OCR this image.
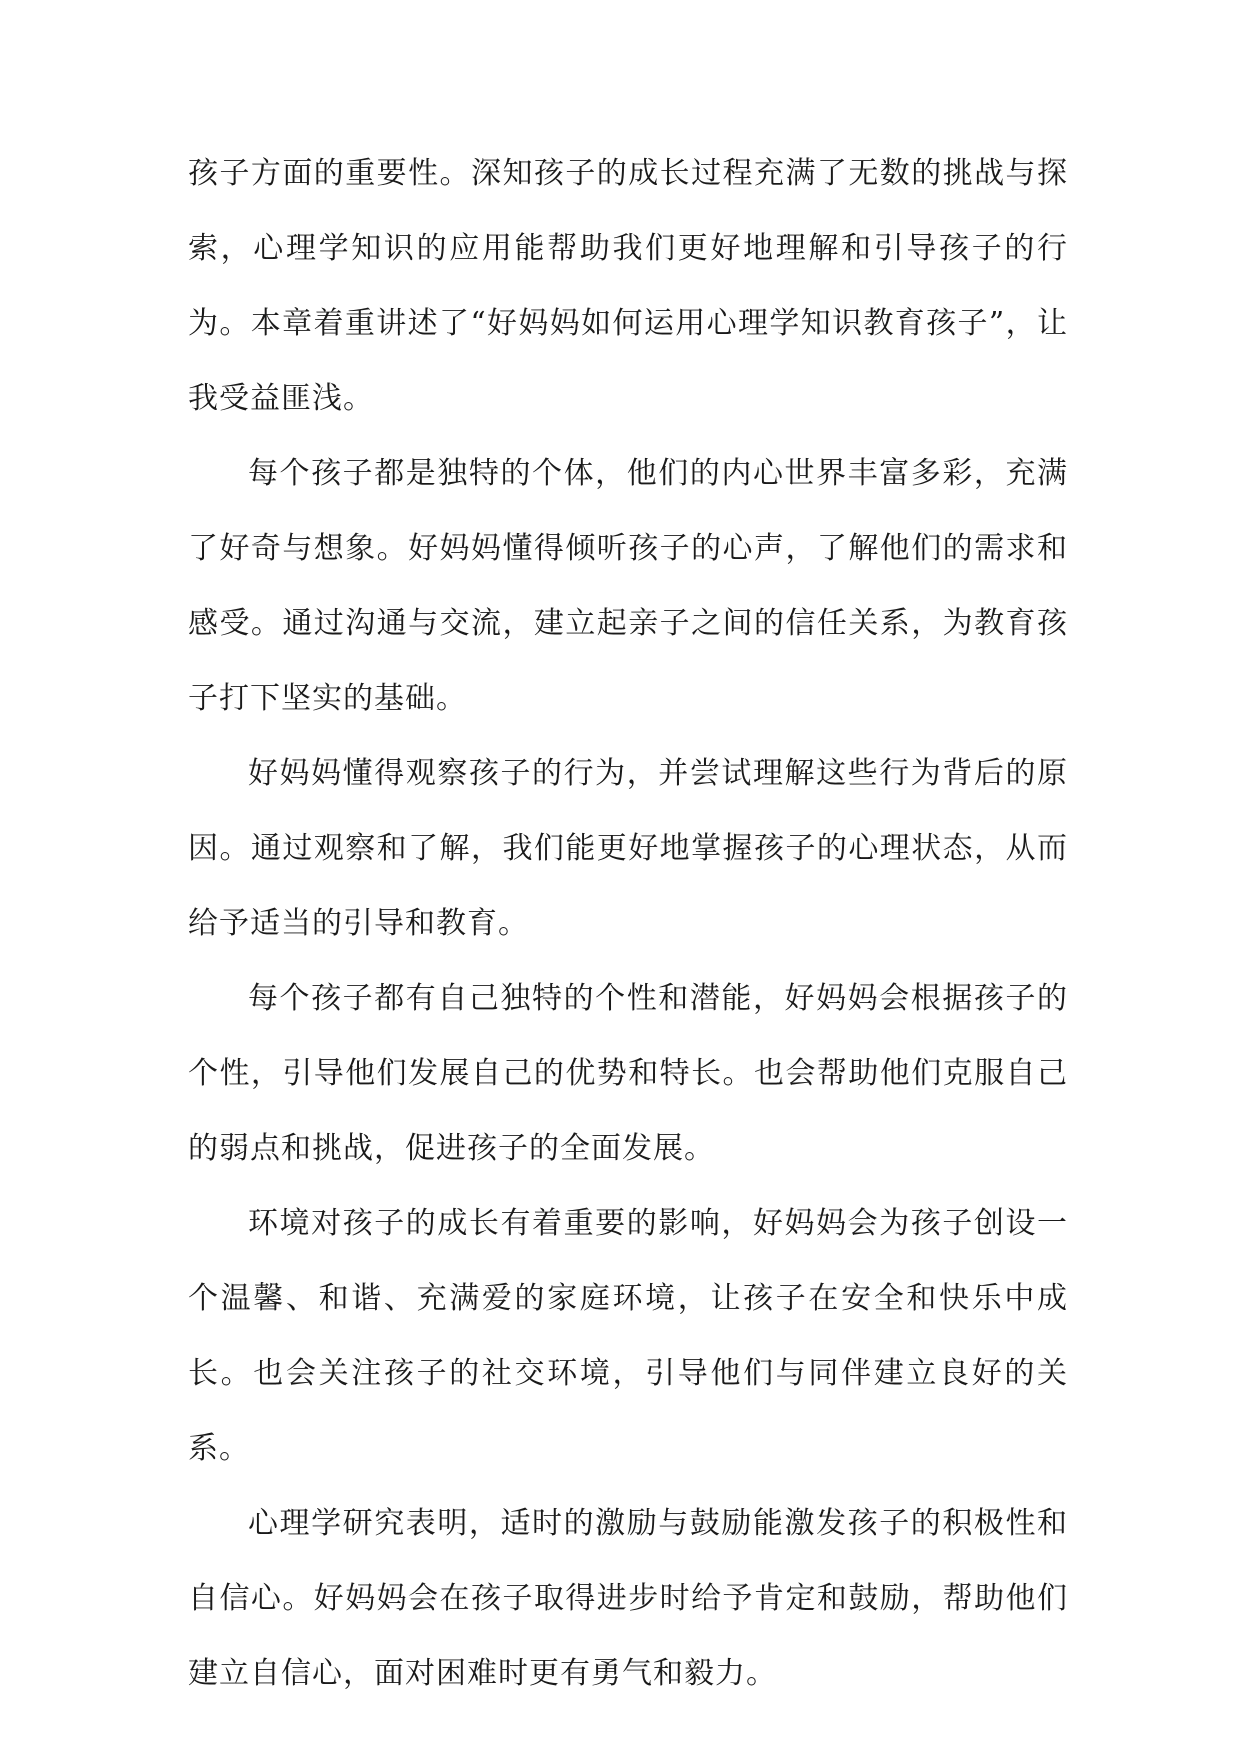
孩子方面的重要性。深知孩子的成长过程充满了无数的挑战与探索，心理学知识的应用能帮助我们更好地理解和引导孩子的行为。本章着重讲述了“好妈妈如何运用心理学知识教育孩子”，让我受益匪浅。

每个孩子都是独特的个体，他们的内心世界丰富多彩，充满了好奇与想象。好妈妈懂得倾听孩子的心声，了解他们的需求和感受。通过沟通与交流，建立起亲子之间的信任关系，为教育孩子打下坚实的基础。

好妈妈懂得观察孩子的行为，并尝试理解这些行为背后的原因。通过观察和了解，我们能更好地掌握孩子的心理状态，从而给予适当的引导和教育。

每个孩子都有自己独特的个性和潜能，好妈妈会根据孩子的个性，引导他们发展自己的优势和特长。也会帮助他们克服自己的弱点和挑战，促进孩子的全面发展。

环境对孩子的成长有着重要的影响，好妈妈会为孩子创设一个温馨、和谐、充满爱的家庭环境，让孩子在安全和快乐中成长。也会关注孩子的社交环境，引导他们与同伴建立良好的关系。

心理学研究表明，适时的激励与鼓励能激发孩子的积极性和自信心。好妈妈会在孩子取得进步时给予肯定和鼓励，帮助他们建立自信心，面对困难时更有勇气和毅力。
